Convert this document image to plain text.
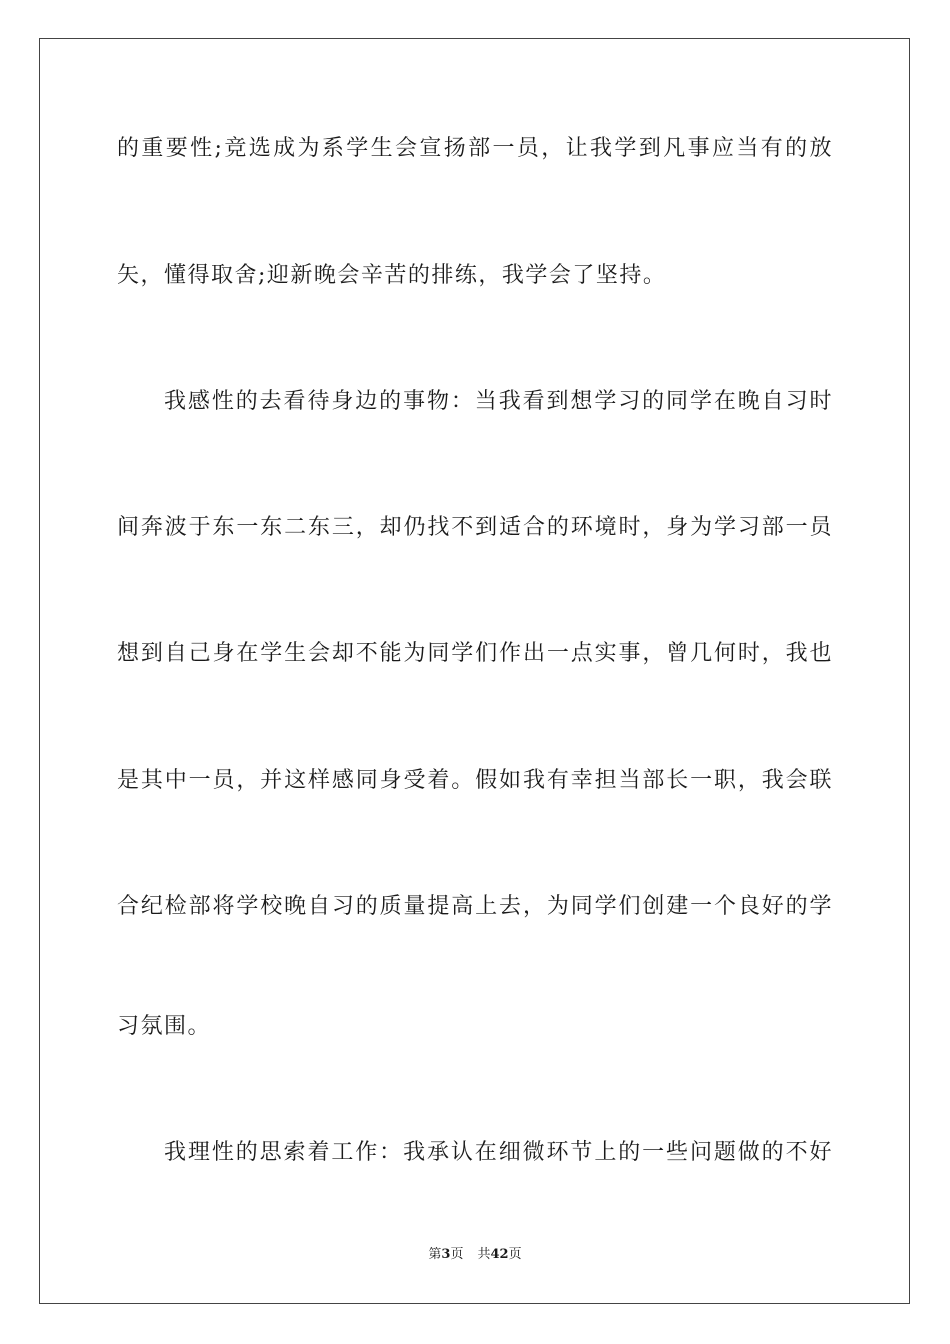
的重要性;竞选成为系学生会宣扬部一员，让我学到凡事应当有的放
矢，懂得取舍;迎新晚会辛苦的排练，我学会了坚持。
我感性的去看待身边的事物：当我看到想学习的同学在晚自习时
间奔波于东一东二东三，却仍找不到适合的环境时，身为学习部一员
想到自己身在学生会却不能为同学们作出一点实事，曾几何时，我也
是其中一员，并这样感同身受着。假如我有幸担当部长一职，我会联
合纪检部将学校晚自习的质量提高上去，为同学们创建一个良好的学
习氛围。
我理性的思索着工作：我承认在细微环节上的一些问题做的不好
第3页 共42页
